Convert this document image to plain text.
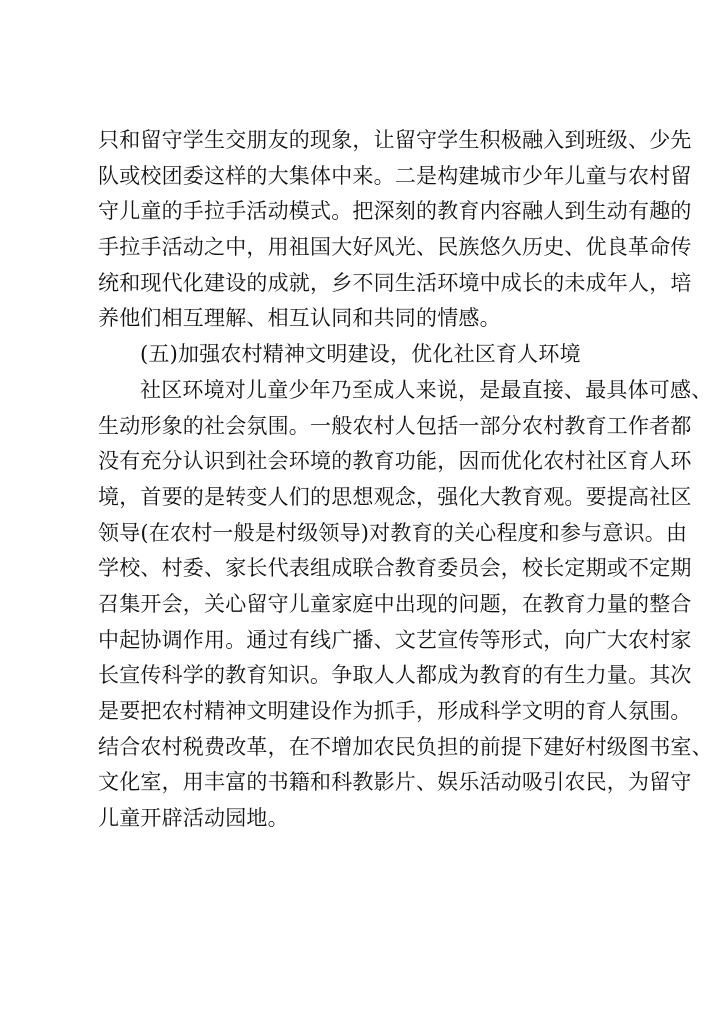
只和留守学生交朋友的现象，让留守学生积极融入到班级、少先
队或校团委这样的大集体中来。二是构建城市少年儿童与农村留
守儿童的手拉手活动模式。把深刻的教育内容融人到生动有趣的
手拉手活动之中，用祖国大好风光、民族悠久历史、优良革命传
统和现代化建设的成就，乡不同生活环境中成长的未成年人，培
养他们相互理解、相互认同和共同的情感。
(五)加强农村精神文明建设，优化社区育人环境
社区环境对儿童少年乃至成人来说，是最直接、最具体可感、
生动形象的社会氛围。一般农村人包括一部分农村教育工作者都
没有充分认识到社会环境的教育功能，因而优化农村社区育人环
境，首要的是转变人们的思想观念，强化大教育观。要提高社区
领导(在农村一般是村级领导)对教育的关心程度和参与意识。由
学校、村委、家长代表组成联合教育委员会，校长定期或不定期
召集开会，关心留守儿童家庭中出现的问题，在教育力量的整合
中起协调作用。通过有线广播、文艺宣传等形式，向广大农村家
长宣传科学的教育知识。争取人人都成为教育的有生力量。其次
是要把农村精神文明建设作为抓手，形成科学文明的育人氛围。
结合农村税费改革，在不增加农民负担的前提下建好村级图书室、
文化室，用丰富的书籍和科教影片、娱乐活动吸引农民，为留守
儿童开辟活动园地。
